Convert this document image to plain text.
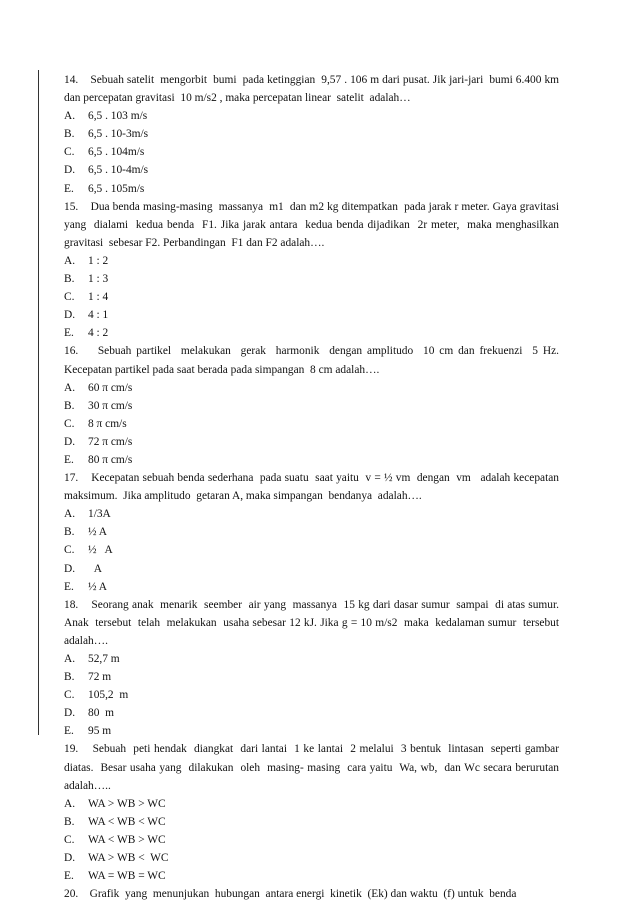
14.    Sebuah satelit  mengorbit  bumi  pada ketinggian  9,57 . 106 m dari pusat. Jik jari-jari  bumi 6.400 km dan percepatan gravitasi  10 m/s2 , maka percepatan linear  satelit  adalah…

A.	6,5 . 103 m/s

B.	6,5 . 10-3m/s

C.	6,5 . 104m/s

D.	6,5 . 10-4m/s

E.	6,5 . 105m/s

15.    Dua benda masing-masing  massanya  m1  dan m2 kg ditempatkan  pada jarak r meter. Gaya gravitasi  yang  dialami  kedua benda  F1. Jika jarak antara  kedua benda dijadikan  2r meter,  maka menghasilkan  gravitasi  sebesar F2. Perbandingan  F1 dan F2 adalah….

A.	1 : 2

B.	1 : 3

C.	1 : 4

D.	4 : 1

E.	4 : 2

16.    Sebuah partikel  melakukan  gerak  harmonik  dengan amplitudo  10 cm dan frekuenzi  5 Hz. Kecepatan partikel pada saat berada pada simpangan  8 cm adalah….

A.	60 π cm/s

B.	30 π cm/s

C.	8 π cm/s

D.	72 π cm/s

E.	80 π cm/s

17.    Kecepatan sebuah benda sederhana  pada suatu  saat yaitu  v = ½ vm  dengan  vm   adalah kecepatan maksimum.  Jika amplitudo  getaran A, maka simpangan  bendanya  adalah….

A.	1/3A

B.	½ A

C.	½   A

D.	A

E.	½ A

18.    Seorang anak  menarik  seember  air yang  massanya  15 kg dari dasar sumur  sampai  di atas sumur.  Anak  tersebut  telah  melakukan  usaha sebesar 12 kJ. Jika g = 10 m/s2  maka  kedalaman sumur  tersebut  adalah….

A.	52,7 m

B.	72 m

C.	105,2  m

D.	80  m

E.	95 m

19.    Sebuah  peti hendak  diangkat  dari lantai  1 ke lantai  2 melalui  3 bentuk  lintasan  seperti gambar diatas.  Besar usaha yang  dilakukan  oleh  masing- masing  cara yaitu  Wa, wb,  dan Wc secara berurutan  adalah…..

A.	WA > WB > WC

B.	WA < WB < WC

C.	WA < WB > WC

D.	WA > WB <  WC

E.	WA = WB = WC

20.    Grafik  yang  menunjukan  hubungan  antara energi  kinetik  (Ek) dan waktu  (f) untuk  benda
